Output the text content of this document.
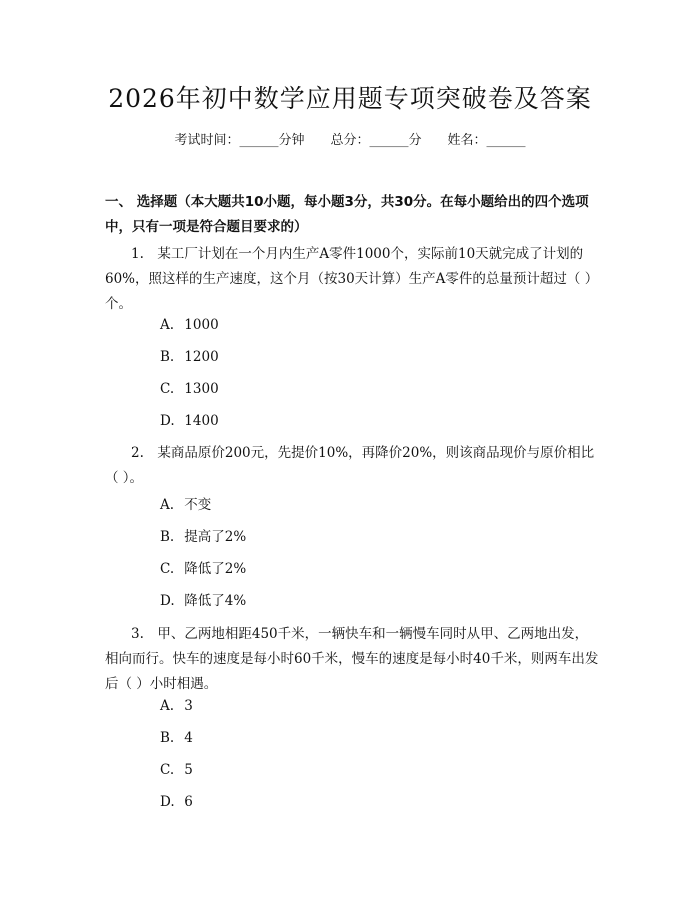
2026年初中数学应用题专项突破卷及答案
考试时间：______分钟 总分：______分 姓名：______
一、 选择题（本大题共10小题，每小题3分，共30分。在每小题给出的四个选项中，只有一项是符合题目要求的）
1.　某工厂计划在一个月内生产A零件1000个，实际前10天就完成了计划的60%，照这样的生产速度，这个月（按30天计算）生产A零件的总量预计超过（ ）个。
A. 1000
B. 1200
C. 1300
D. 1400
2.　某商品原价200元，先提价10%，再降价20%，则该商品现价与原价相比（ ）。
A. 不变
B. 提高了2%
C. 降低了2%
D. 降低了4%
3.　甲、乙两地相距450千米，一辆快车和一辆慢车同时从甲、乙两地出发，相向而行。快车的速度是每小时60千米，慢车的速度是每小时40千米，则两车出发后（ ）小时相遇。
A. 3
B. 4
C. 5
D. 6
